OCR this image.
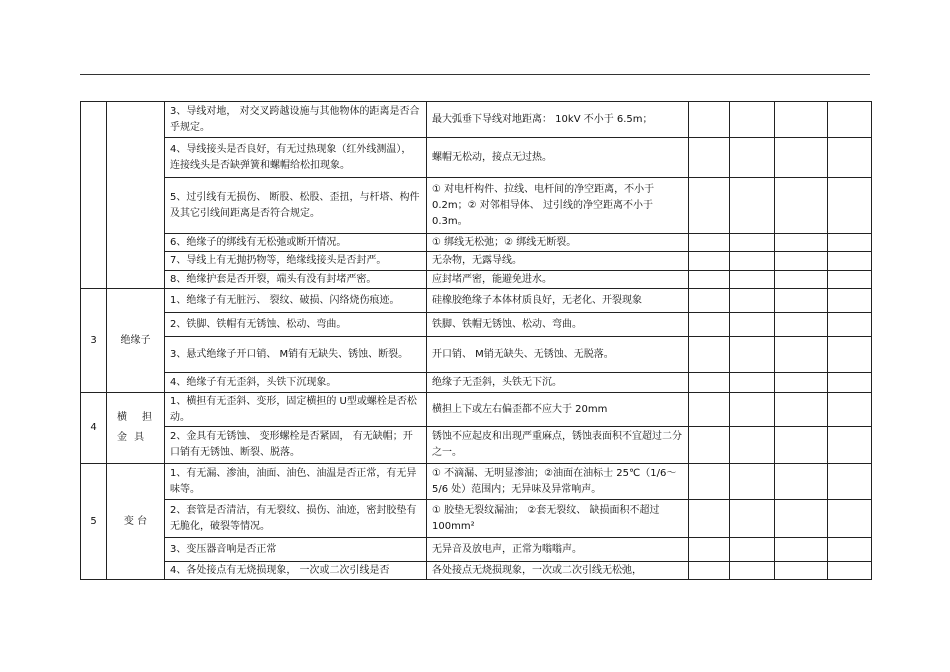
		3、导线对地， 对交叉跨越设施与其他物体的距离是否合乎规定。	最大弧垂下导线对地距离： 10kV 不小于 6.5m；				
		4、导线接头是否良好，有无过热现象（红外线测温），连接线头是否缺弹簧和螺帽给松扣现象。	螺帽无松动，接点无过热。				
		5、过引线有无损伤、 断股、松股、歪扭，与杆塔、构件及其它引线间距离是否符合规定。	① 对电杆构件、拉线、电杆间的净空距离，不小于 0.2m；② 对邻相导体、 过引线的净空距离不小于 0.3m。				
		6、绝缘子的绑线有无松弛或断开情况。	① 绑线无松弛；② 绑线无断裂。				
		7、导线上有无抛扔物等，绝缘线接头是否封严。	无杂物，无露导线。				
		8、绝缘护套是否开裂，端头有没有封堵严密。	应封堵严密，能避免进水。				
3	绝缘子	1、绝缘子有无脏污、 裂纹、破损、闪络烧伤痕迹。	硅橡胶绝缘子本体材质良好，无老化、开裂现象				
		2、铁脚、铁帽有无锈蚀、松动、弯曲。	铁脚、铁帽无锈蚀、松动、弯曲。				
		3、悬式绝缘子开口销、 M销有无缺失、锈蚀、断裂。	开口销、 M销无缺失、无锈蚀、无脱落。				
		4、绝缘子有无歪斜，头铁下沉现象。	绝缘子无歪斜，头铁无下沉。				
4	横 担 金 具	1、横担有无歪斜、变形，固定横担的 U型或螺栓是否松动。	横担上下或左右偏歪都不应大于 20mm				
		2、金具有无锈蚀、 变形螺栓是否紧固， 有无缺帽；开口销有无锈蚀、断裂、脱落。	锈蚀不应起皮和出现严重麻点，锈蚀表面积不宜超过二分之一。				
5	变 台	1、有无漏、渗油，油面、油色、油温是否正常，有无异味等。	① 不滴漏、无明显渗油；②油面在油标士 25℃（1/6～5/6 处）范围内；无异味及异常响声。				
		2、套管是否清洁，有无裂纹、损伤、油迹，密封胶垫有无脆化，破裂等情况。	① 胶垫无裂纹漏油； ②套无裂纹、 缺损面积不超过 100mm²				
		3、变压器音响是否正常	无异音及放电声，正常为嗡嗡声。				
		4、各处接点有无烧损现象， 一次或二次引线是否	各处接点无烧损现象，一次或二次引线无松弛，				
